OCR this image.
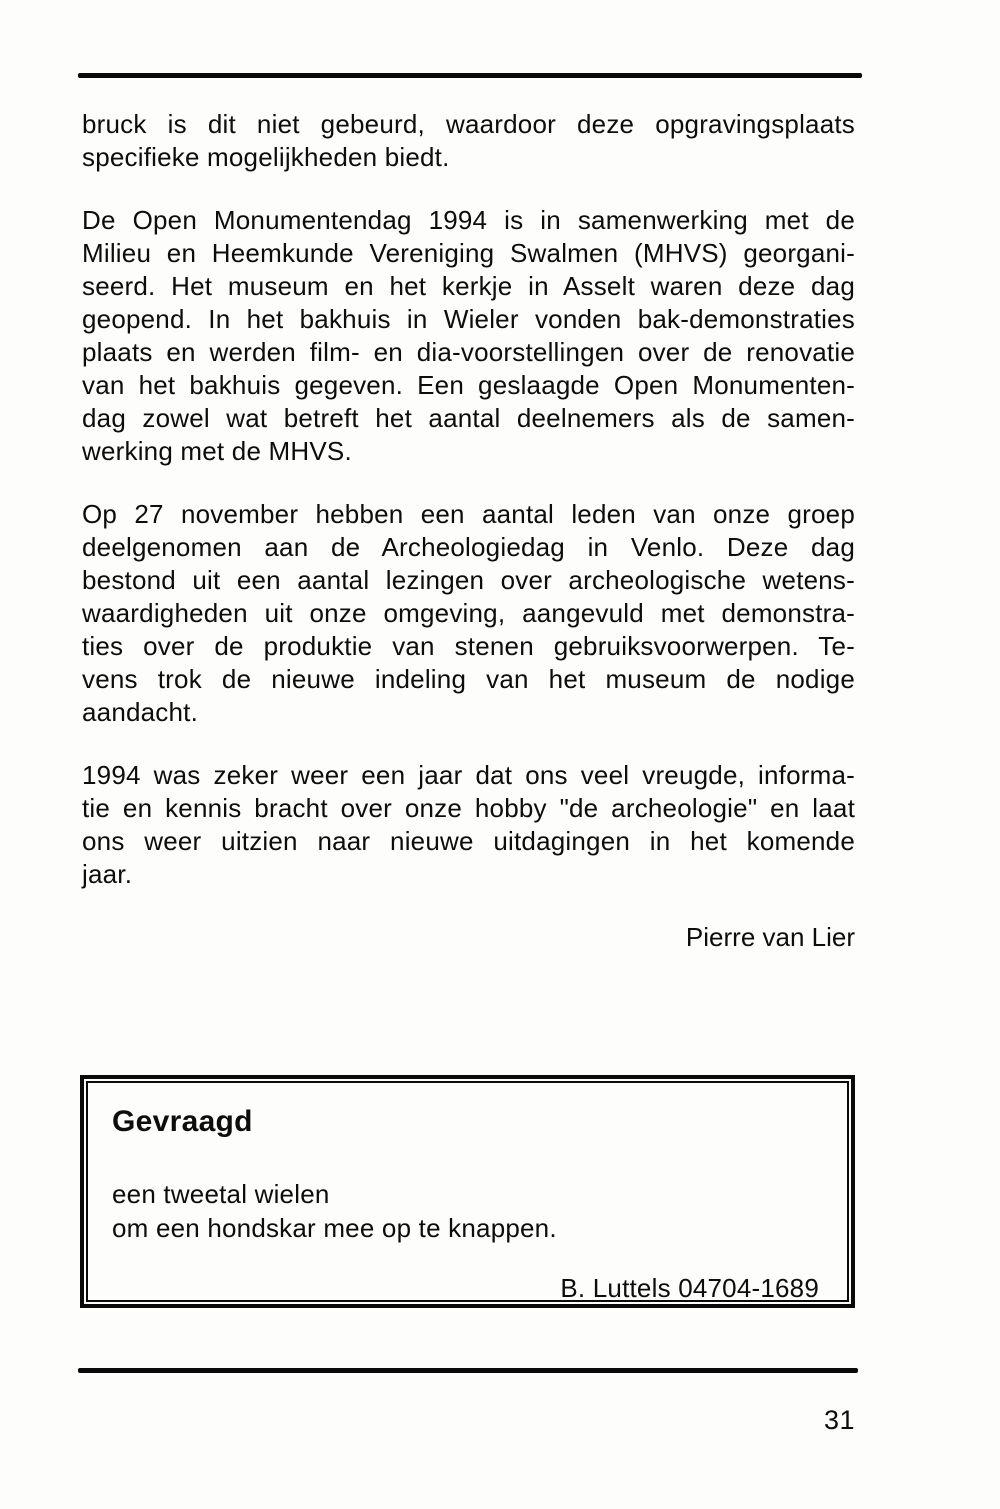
bruck is dit niet gebeurd, waardoor deze opgravingsplaats
specifieke mogelijkheden biedt.
De Open Monumentendag 1994 is in samenwerking met de
Milieu en Heemkunde Vereniging Swalmen (MHVS) georgani-
seerd. Het museum en het kerkje in Asselt waren deze dag
geopend. In het bakhuis in Wieler vonden bak-demonstraties
plaats en werden film- en dia-voorstellingen over de renovatie
van het bakhuis gegeven. Een geslaagde Open Monumenten-
dag zowel wat betreft het aantal deelnemers als de samen-
werking met de MHVS.
Op 27 november hebben een aantal leden van onze groep
deelgenomen aan de Archeologiedag in Venlo. Deze dag
bestond uit een aantal lezingen over archeologische wetens-
waardigheden uit onze omgeving, aangevuld met demonstra-
ties over de produktie van stenen gebruiksvoorwerpen. Te-
vens trok de nieuwe indeling van het museum de nodige
aandacht.
1994 was zeker weer een jaar dat ons veel vreugde, informa-
tie en kennis bracht over onze hobby "de archeologie" en laat
ons weer uitzien naar nieuwe uitdagingen in het komende
jaar.
Pierre van Lier
Gevraagd
een tweetal wielen
om een hondskar mee op te knappen.
B. Luttels 04704-1689
31
